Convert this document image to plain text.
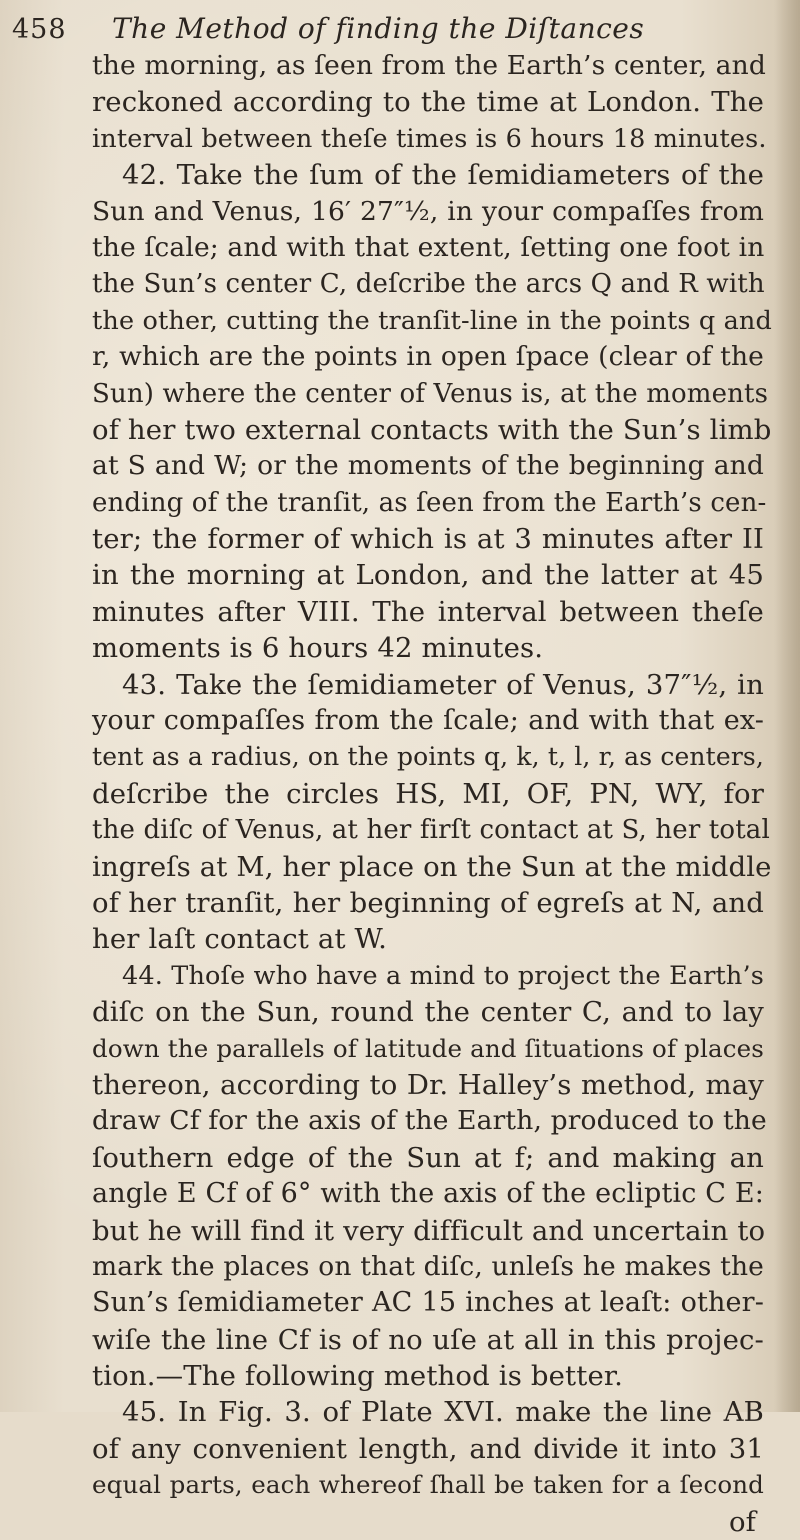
458 The Method of finding the Diſtances
the morning, as ſeen from the Earth’s center, and
reckoned according to the time at London. The
interval between theſe times is 6 hours 18 minutes.
42. Take the ſum of the ſemidiameters of the
Sun and Venus, 16′ 27″½, in your compaſſes from
the ſcale; and with that extent, ſetting one foot in
the Sun’s center C, deſcribe the arcs Q and R with
the other, cutting the tranſit-line in the points q and
r, which are the points in open ſpace (clear of the
Sun) where the center of Venus is, at the moments
of her two external contacts with the Sun’s limb
at S and W; or the moments of the beginning and
ending of the tranſit, as ſeen from the Earth’s cen-
ter; the former of which is at 3 minutes after II
in the morning at London, and the latter at 45
minutes after VIII. The interval between theſe
moments is 6 hours 42 minutes.
43. Take the ſemidiameter of Venus, 37″½, in
your compaſſes from the ſcale; and with that ex-
tent as a radius, on the points q, k, t, l, r, as centers,
deſcribe the circles HS, MI, OF, PN, WY, for
the diſc of Venus, at her firſt contact at S, her total
ingreſs at M, her place on the Sun at the middle
of her tranſit, her beginning of egreſs at N, and
her laſt contact at W.
44. Thoſe who have a mind to project the Earth’s
diſc on the Sun, round the center C, and to lay
down the parallels of latitude and ſituations of places
thereon, according to Dr. Halley’s method, may
draw Cf for the axis of the Earth, produced to the
ſouthern edge of the Sun at f; and making an
angle E Cf of 6° with the axis of the ecliptic C E:
but he will find it very difficult and uncertain to
mark the places on that diſc, unleſs he makes the
Sun’s ſemidiameter AC 15 inches at leaſt: other-
wiſe the line Cf is of no uſe at all in this projec-
tion.—The following method is better.
45. In Fig. 3. of Plate XVI. make the line AB
of any convenient length, and divide it into 31
equal parts, each whereof ſhall be taken for a ſecond
of
